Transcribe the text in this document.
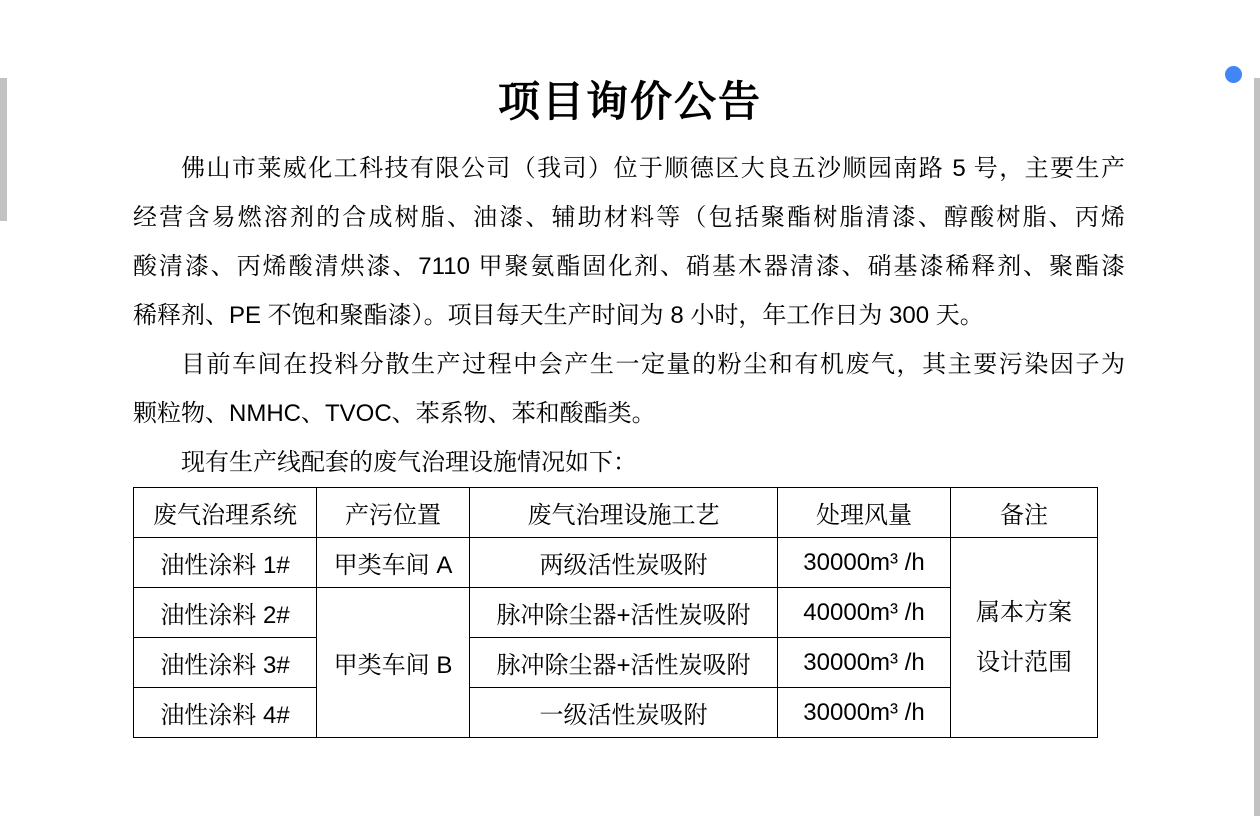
项目询价公告
佛山市莱威化工科技有限公司（我司）位于顺德区大良五沙顺园南路 5 号，主要生产
经营含易燃溶剂的合成树脂、油漆、辅助材料等（包括聚酯树脂清漆、醇酸树脂、丙烯
酸清漆、丙烯酸清烘漆、7110 甲聚氨酯固化剂、硝基木器清漆、硝基漆稀释剂、聚酯漆
稀释剂、PE 不饱和聚酯漆）。项目每天生产时间为 8 小时，年工作日为 300 天。
目前车间在投料分散生产过程中会产生一定量的粉尘和有机废气，其主要污染因子为
颗粒物、NMHC、TVOC、苯系物、苯和酸酯类。
现有生产线配套的废气治理设施情况如下：
废气治理系统	产污位置	废气治理设施工艺	处理风量	备注
油性涂料 1#	甲类车间 A	两级活性炭吸附	30000m³ /h	属本方案
设计范围

油性涂料 2#	甲类车间 B	脉冲除尘器+活性炭吸附	40000m³ /h	
油性涂料 3#		脉冲除尘器+活性炭吸附	30000m³ /h	
油性涂料 4#		一级活性炭吸附	30000m³ /h	
